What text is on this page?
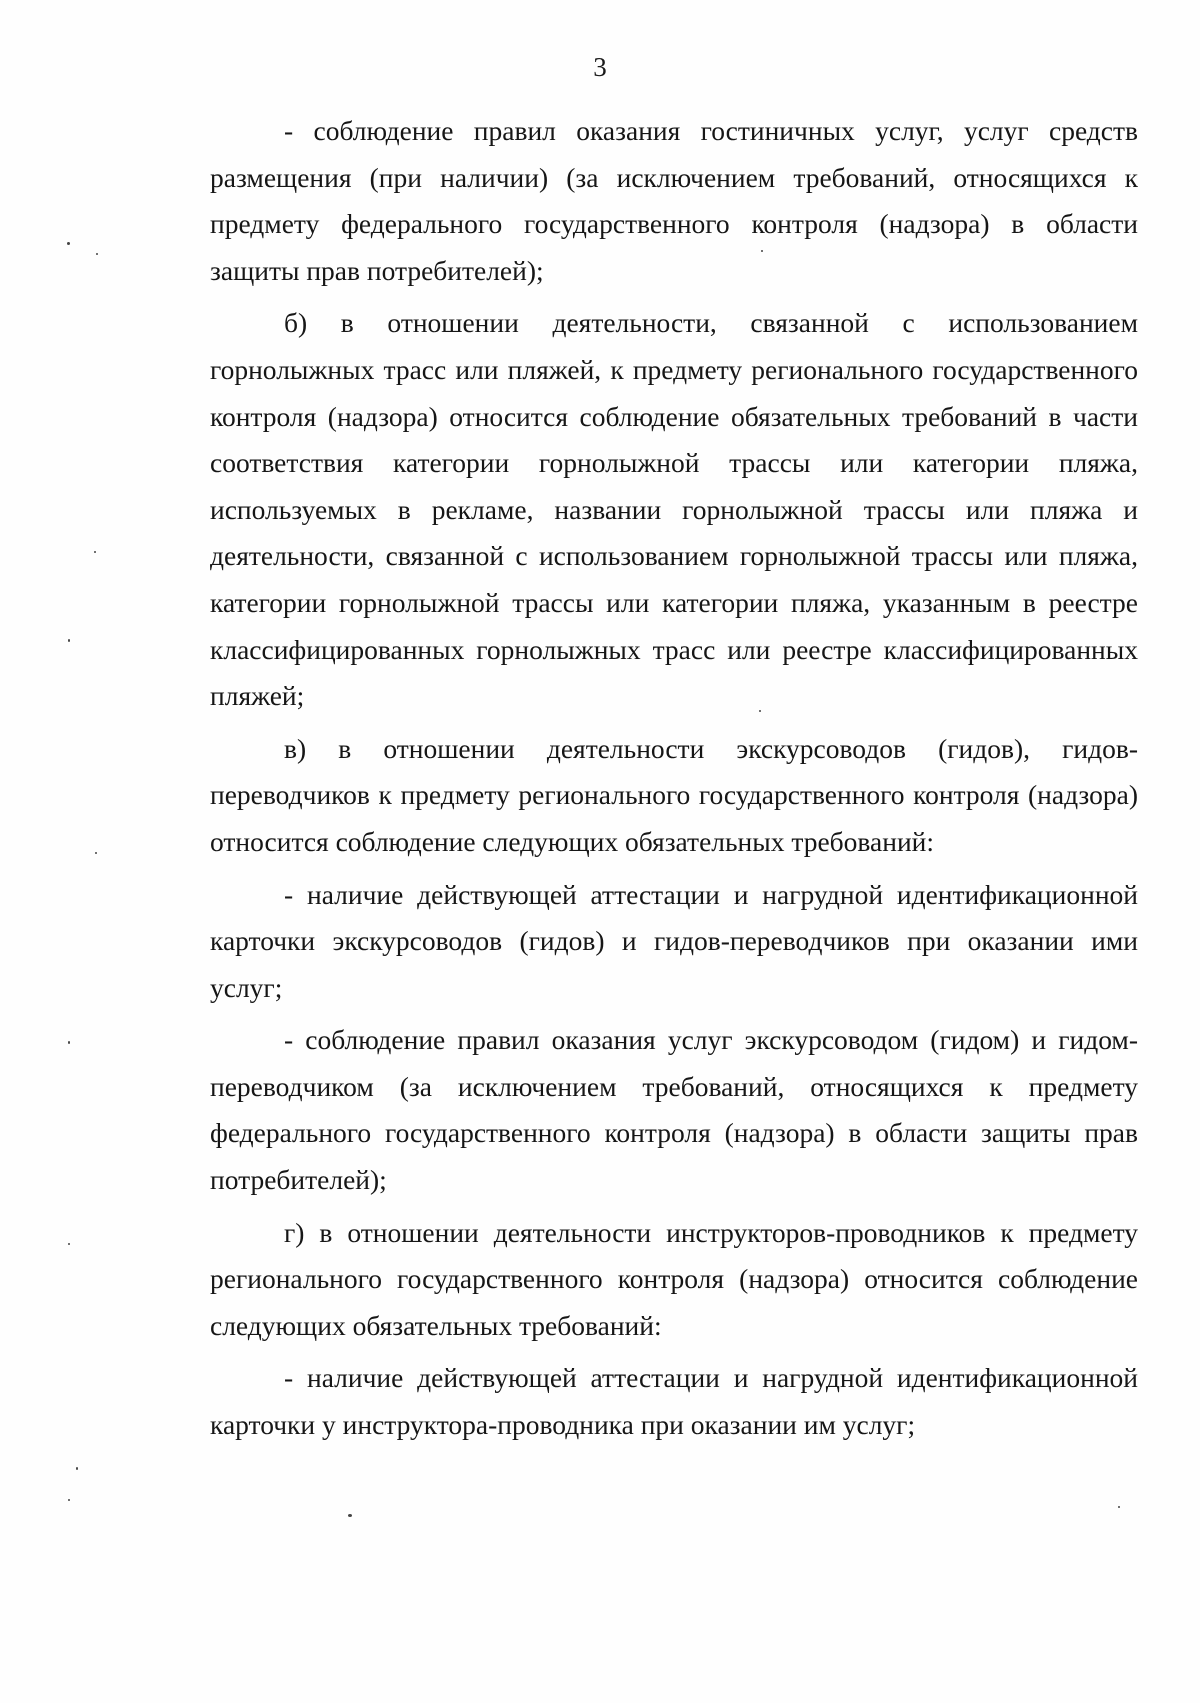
3

- соблюдение правил оказания гостиничных услуг, услуг средств размещения (при наличии) (за исключением требований, относящихся к предмету федерального государственного контроля (надзора) в области защиты прав потребителей);

б) в отношении деятельности, связанной с использованием горнолыжных трасс или пляжей, к предмету регионального государственного контроля (надзора) относится соблюдение обязательных требований в части соответствия категории горнолыжной трассы или категории пляжа, используемых в рекламе, названии горнолыжной трассы или пляжа и деятельности, связанной с использованием горнолыжной трассы или пляжа, категории горнолыжной трассы или категории пляжа, указанным в реестре классифицированных горнолыжных трасс или реестре классифицированных пляжей;

в) в отношении деятельности экскурсоводов (гидов), гидов-переводчиков к предмету регионального государственного контроля (надзора) относится соблюдение следующих обязательных требований:

- наличие действующей аттестации и нагрудной идентификационной карточки экскурсоводов (гидов) и гидов-переводчиков при оказании ими услуг;

- соблюдение правил оказания услуг экскурсоводом (гидом) и гидом-переводчиком (за исключением требований, относящихся к предмету федерального государственного контроля (надзора) в области защиты прав потребителей);

г) в отношении деятельности инструкторов-проводников к предмету регионального государственного контроля (надзора) относится соблюдение следующих обязательных требований:

- наличие действующей аттестации и нагрудной идентификационной карточки у инструктора-проводника при оказании им услуг;
